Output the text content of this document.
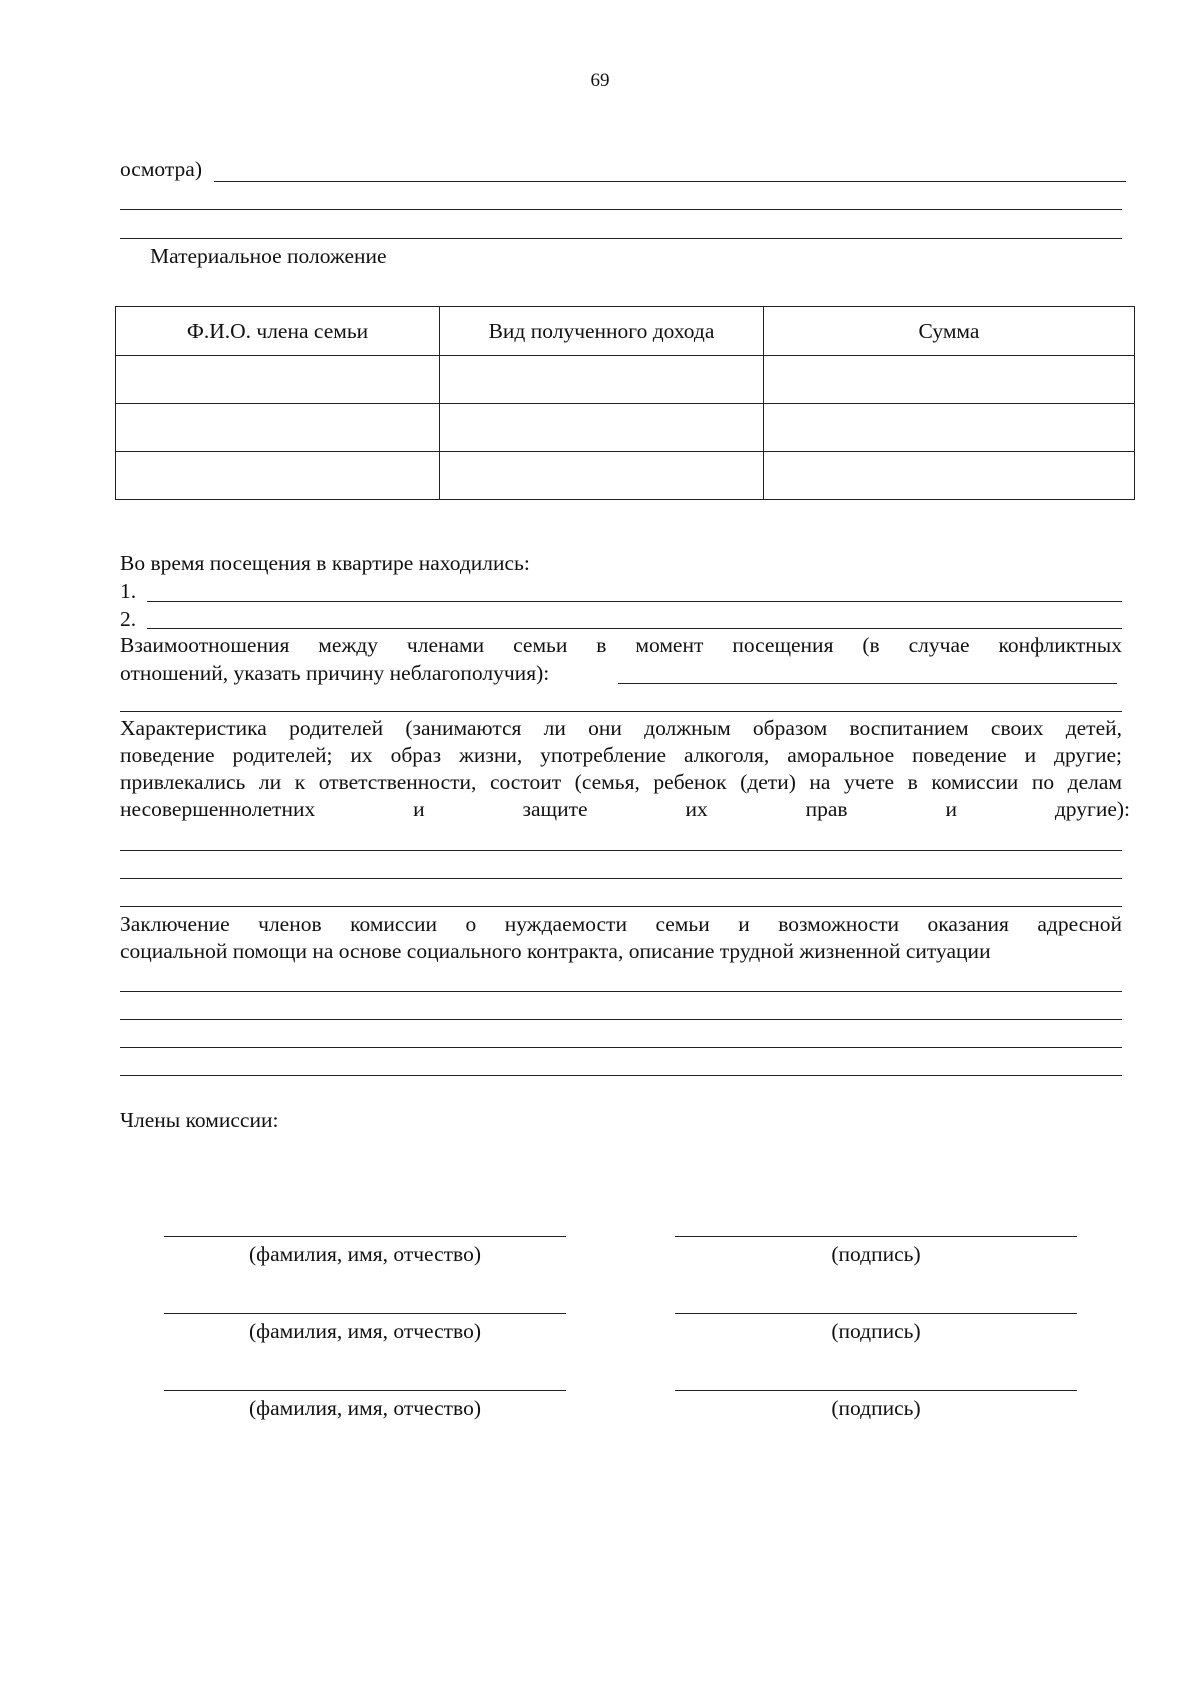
69
осмотра)
Материальное положение
Ф.И.О. члена семьи	Вид полученного дохода	Сумма

Во время посещения в квартире находились:
1.
2.
Взаимоотношения между членами семьи в момент посещения (в случае конфликтных
отношений, указать причину неблагополучия):
Характеристика родителей (занимаются ли они должным образом воспитанием своих детей,
поведение родителей; их образ жизни, употребление алкоголя, аморальное поведение и другие;
привлекались ли к ответственности, состоит (семья, ребенок (дети) на учете в комиссии по делам
несовершеннолетних	и	защите	их	прав	и	другие):
Заключение членов комиссии о нуждаемости семьи и возможности оказания адресной
социальной помощи на основе социального контракта, описание трудной жизненной ситуации
Члены комиссии:
(фамилия, имя, отчество)	(подпись)
(фамилия, имя, отчество)	(подпись)
(фамилия, имя, отчество)	(подпись)
